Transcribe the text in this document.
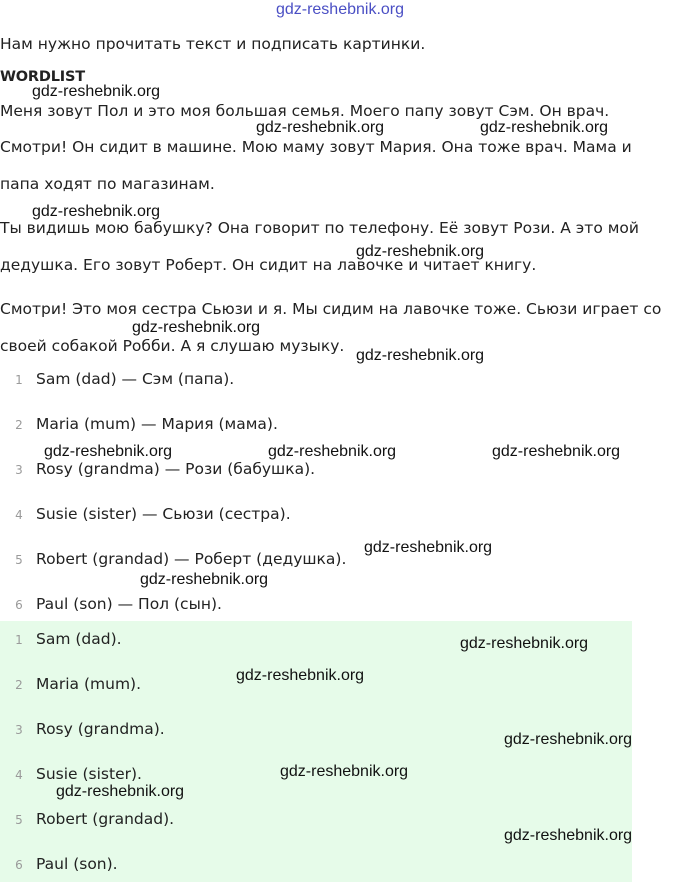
gdz-reshebnik.org
Нам нужно прочитать текст и подписать картинки.
WORDLIST
Меня зовут Пол и это моя большая семья. Моего папу зовут Сэм. Он врач.
Смотри! Он сидит в машине. Мою маму зовут Мария. Она тоже врач. Мама и
папа ходят по магазинам.
Ты видишь мою бабушку? Она говорит по телефону. Её зовут Рози. А это мой
дедушка. Его зовут Роберт. Он сидит на лавочке и читает книгу.
Смотри! Это моя сестра Сьюзи и я. Мы сидим на лавочке тоже. Сьюзи играет со
своей собакой Робби. А я слушаю музыку.
1 Sam (dad) — Сэм (папа).
2 Maria (mum) — Мария (мама).
3 Rosy (grandma) — Рози (бабушка).
4 Susie (sister) — Сьюзи (сестра).
5 Robert (grandad) — Роберт (дедушка).
6 Paul (son) — Пол (сын).
1 Sam (dad).
2 Maria (mum).
3 Rosy (grandma).
4 Susie (sister).
5 Robert (grandad).
6 Paul (son).
gdz-reshebnik.org
gdz-reshebnik.org	gdz-reshebnik.org
gdz-reshebnik.org
gdz-reshebnik.org
gdz-reshebnik.org
gdz-reshebnik.org
gdz-reshebnik.org	gdz-reshebnik.org	gdz-reshebnik.org
gdz-reshebnik.org
gdz-reshebnik.org
gdz-reshebnik.org
gdz-reshebnik.org
gdz-reshebnik.org
gdz-reshebnik.org
gdz-reshebnik.org
gdz-reshebnik.org
